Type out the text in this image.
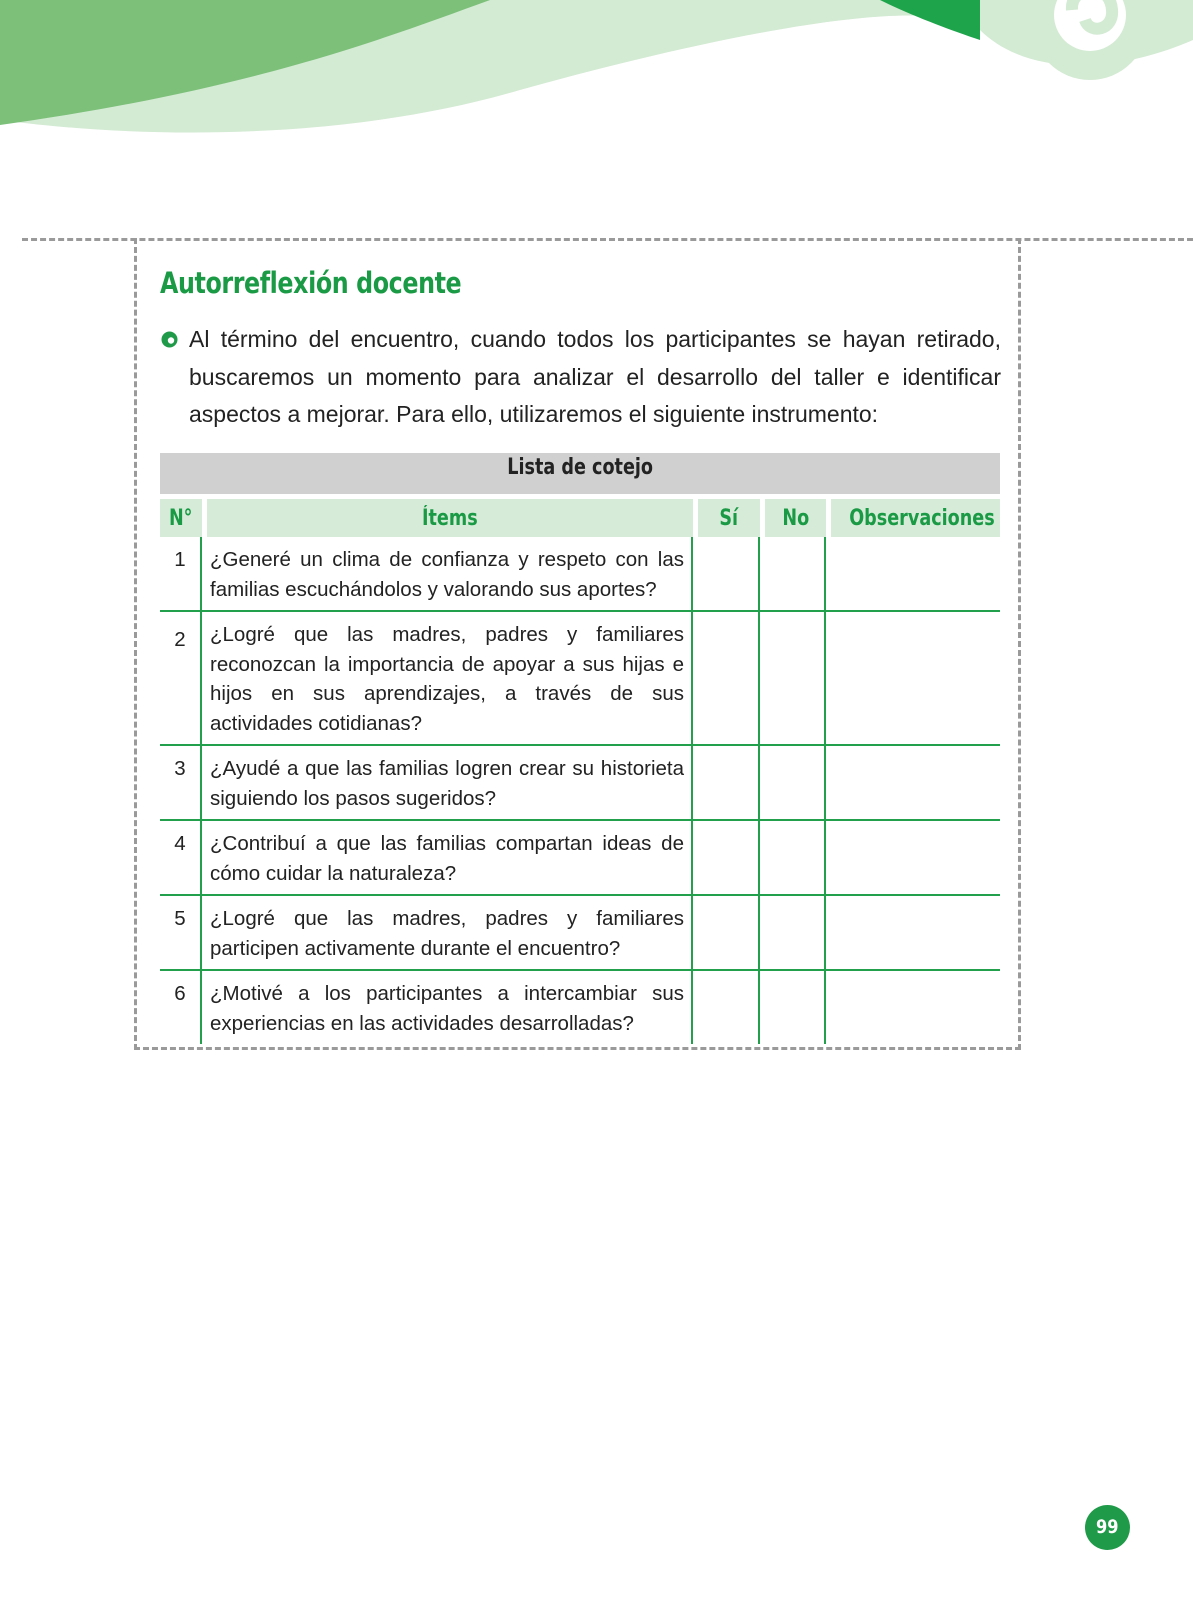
Autorreflexión docente
Al término del encuentro, cuando todos los participantes se hayan retirado, buscaremos un momento para analizar el desarrollo del taller e identificar aspectos a mejorar. Para ello, utilizaremos el siguiente instrumento:
Lista de cotejo				

N°	Ítems	Sí	No	Observaciones
1	¿Generé un clima de confianza y respeto con las familias escuchándolos y valorando sus aportes?			
2	¿Logré que las madres, padres y familiares reconozcan la importancia de apoyar a sus hijas e hijos en sus aprendizajes, a través de sus actividades cotidianas?			
3	¿Ayudé a que las familias logren crear su historieta siguiendo los pasos sugeridos?			
4	¿Contribuí a que las familias compartan ideas de cómo cuidar la naturaleza?			
5	¿Logré que las madres, padres y familiares participen activamente durante el encuentro?			
6	¿Motivé a los participantes a intercambiar sus experiencias en las actividades desarrolladas?			
99
